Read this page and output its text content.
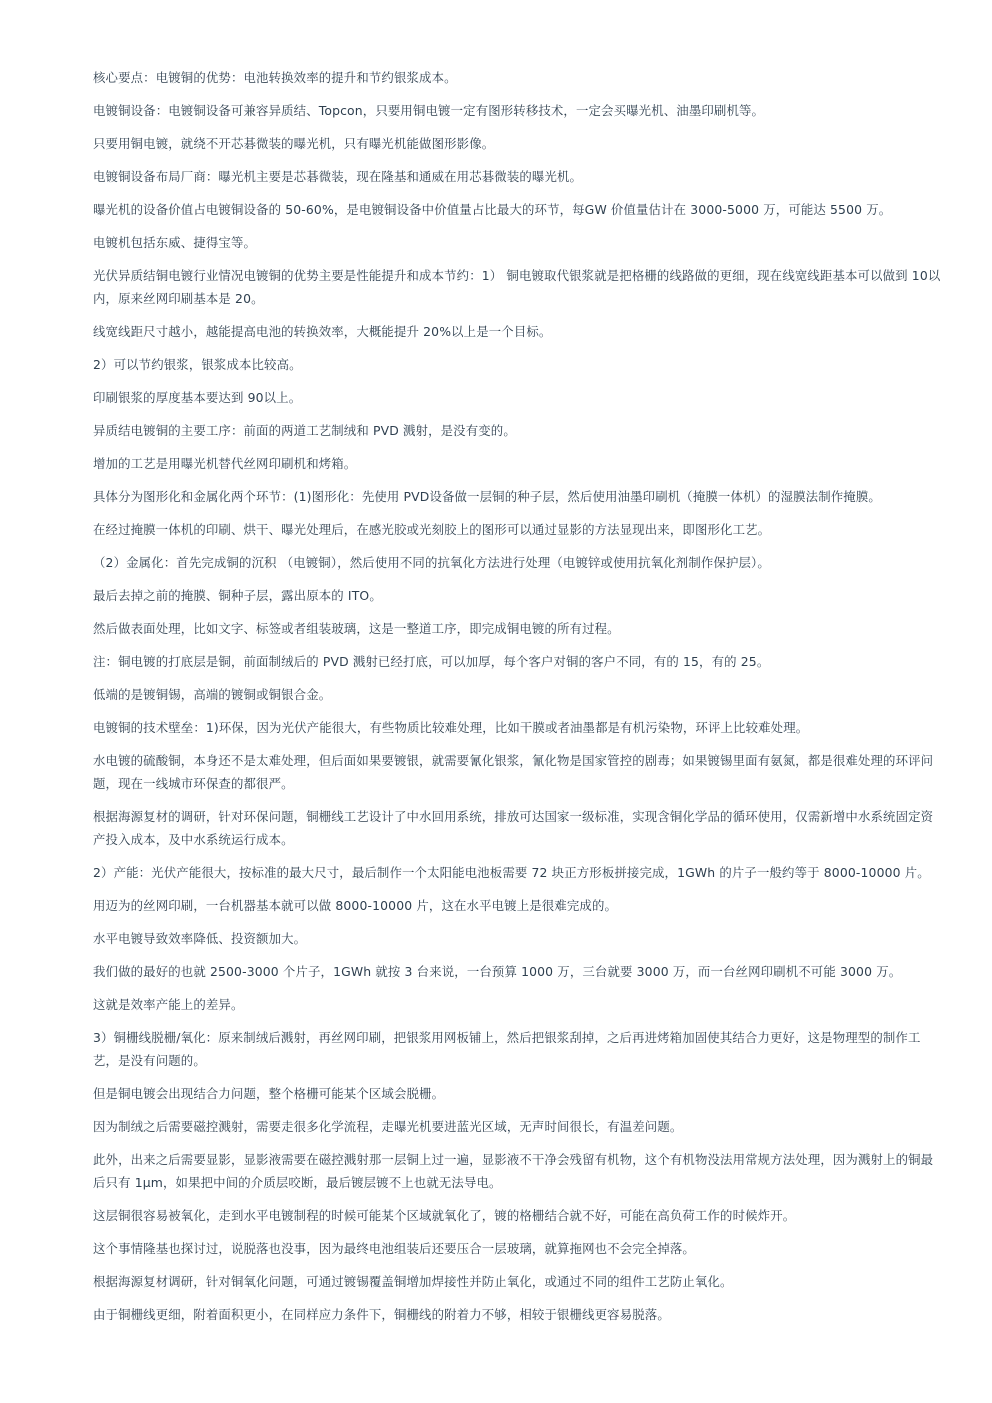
核心要点：电镀铜的优势：电池转换效率的提升和节约银浆成本。

电镀铜设备：电镀铜设备可兼容异质结、Topcon，只要用铜电镀一定有图形转移技术，一定会买曝光机、油墨印刷机等。

只要用铜电镀，就绕不开芯碁微装的曝光机，只有曝光机能做图形影像。

电镀铜设备布局厂商：曝光机主要是芯碁微装，现在隆基和通威在用芯碁微装的曝光机。

曝光机的设备价值占电镀铜设备的 50-60%，是电镀铜设备中价值量占比最大的环节，每GW 价值量估计在 3000-5000 万，可能达 5500 万。

电镀机包括东威、捷得宝等。

光伏异质结铜电镀行业情况电镀铜的优势主要是性能提升和成本节约：1） 铜电镀取代银浆就是把格栅的线路做的更细，现在线宽线距基本可以做到 10以内，原来丝网印刷基本是 20。

线宽线距尺寸越小，越能提高电池的转换效率，大概能提升 20%以上是一个目标。

2）可以节约银浆，银浆成本比较高。

印刷银浆的厚度基本要达到 90以上。

异质结电镀铜的主要工序：前面的两道工艺制绒和 PVD 溅射，是没有变的。

增加的工艺是用曝光机替代丝网印刷机和烤箱。

具体分为图形化和金属化两个环节：(1)图形化：先使用 PVD设备做一层铜的种子层，然后使用油墨印刷机（掩膜一体机）的湿膜法制作掩膜。

在经过掩膜一体机的印刷、烘干、曝光处理后，在感光胶或光刻胶上的图形可以通过显影的方法显现出来，即图形化工艺。

（2）金属化：首先完成铜的沉积 （电镀铜），然后使用不同的抗氧化方法进行处理（电镀锌或使用抗氧化剂制作保护层）。

最后去掉之前的掩膜、铜种子层，露出原本的 ITO。

然后做表面处理，比如文字、标签或者组装玻璃，这是一整道工序，即完成铜电镀的所有过程。

注：铜电镀的打底层是铜，前面制绒后的 PVD 溅射已经打底，可以加厚，每个客户对铜的客户不同，有的 15，有的 25。

低端的是镀铜锡，高端的镀铜或铜银合金。

电镀铜的技术壁垒：1)环保，因为光伏产能很大，有些物质比较难处理，比如干膜或者油墨都是有机污染物，环评上比较难处理。

水电镀的硫酸铜，本身还不是太难处理，但后面如果要镀银，就需要氰化银浆，氰化物是国家管控的剧毒；如果镀锡里面有氨氮，都是很难处理的环评问题，现在一线城市环保查的都很严。

根据海源复材的调研，针对环保问题，铜栅线工艺设计了中水回用系统，排放可达国家一级标准，实现含铜化学品的循环使用，仅需新增中水系统固定资产投入成本，及中水系统运行成本。

2）产能：光伏产能很大，按标准的最大尺寸，最后制作一个太阳能电池板需要 72 块正方形板拼接完成，1GWh 的片子一般约等于 8000-10000 片。

用迈为的丝网印刷，一台机器基本就可以做 8000-10000 片，这在水平电镀上是很难完成的。

水平电镀导致效率降低、投资额加大。

我们做的最好的也就 2500-3000 个片子，1GWh 就按 3 台来说，一台预算 1000 万，三台就要 3000 万，而一台丝网印刷机不可能 3000 万。

这就是效率产能上的差异。

3）铜栅线脱栅/氧化：原来制绒后溅射，再丝网印刷，把银浆用网板铺上，然后把银浆刮掉，之后再进烤箱加固使其结合力更好，这是物理型的制作工艺，是没有问题的。

但是铜电镀会出现结合力问题，整个格栅可能某个区域会脱栅。

因为制绒之后需要磁控溅射，需要走很多化学流程，走曝光机要进蓝光区域，无声时间很长，有温差问题。

此外，出来之后需要显影，显影液需要在磁控溅射那一层铜上过一遍，显影液不干净会残留有机物，这个有机物没法用常规方法处理，因为溅射上的铜最后只有 1μm，如果把中间的介质层咬断，最后镀层镀不上也就无法导电。

这层铜很容易被氧化，走到水平电镀制程的时候可能某个区域就氧化了，镀的格栅结合就不好，可能在高负荷工作的时候炸开。

这个事情隆基也探讨过，说脱落也没事，因为最终电池组装后还要压合一层玻璃，就算拖网也不会完全掉落。

根据海源复材调研，针对铜氧化问题，可通过镀锡覆盖铜增加焊接性并防止氧化，或通过不同的组件工艺防止氧化。

由于铜栅线更细，附着面积更小，在同样应力条件下，铜栅线的附着力不够，相较于银栅线更容易脱落。
